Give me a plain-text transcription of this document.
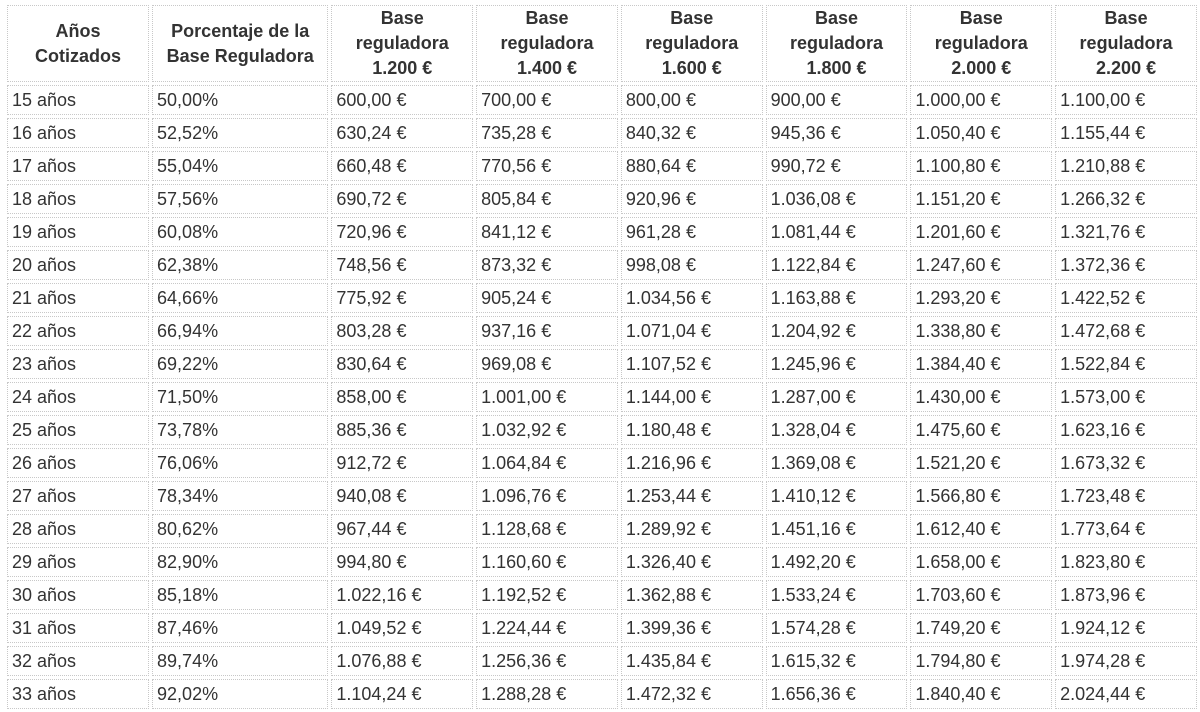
Años
Cotizados

Porcentaje de la
Base Reguladora

Base
reguladora
1.200 €

Base
reguladora
1.400 €

Base
reguladora
1.600 €

Base
reguladora
1.800 €

Base
reguladora
2.000 €

Base
reguladora
2.200 €

15 años	50,00%	600,00 €	700,00 €	800,00 €	900,00 €	1.000,00 €	1.100,00 €
16 años	52,52%	630,24 €	735,28 €	840,32 €	945,36 €	1.050,40 €	1.155,44 €
17 años	55,04%	660,48 €	770,56 €	880,64 €	990,72 €	1.100,80 €	1.210,88 €
18 años	57,56%	690,72 €	805,84 €	920,96 €	1.036,08 €	1.151,20 €	1.266,32 €
19 años	60,08%	720,96 €	841,12 €	961,28 €	1.081,44 €	1.201,60 €	1.321,76 €
20 años	62,38%	748,56 €	873,32 €	998,08 €	1.122,84 €	1.247,60 €	1.372,36 €
21 años	64,66%	775,92 €	905,24 €	1.034,56 €	1.163,88 €	1.293,20 €	1.422,52 €
22 años	66,94%	803,28 €	937,16 €	1.071,04 €	1.204,92 €	1.338,80 €	1.472,68 €
23 años	69,22%	830,64 €	969,08 €	1.107,52 €	1.245,96 €	1.384,40 €	1.522,84 €
24 años	71,50%	858,00 €	1.001,00 €	1.144,00 €	1.287,00 €	1.430,00 €	1.573,00 €
25 años	73,78%	885,36 €	1.032,92 €	1.180,48 €	1.328,04 €	1.475,60 €	1.623,16 €
26 años	76,06%	912,72 €	1.064,84 €	1.216,96 €	1.369,08 €	1.521,20 €	1.673,32 €
27 años	78,34%	940,08 €	1.096,76 €	1.253,44 €	1.410,12 €	1.566,80 €	1.723,48 €
28 años	80,62%	967,44 €	1.128,68 €	1.289,92 €	1.451,16 €	1.612,40 €	1.773,64 €
29 años	82,90%	994,80 €	1.160,60 €	1.326,40 €	1.492,20 €	1.658,00 €	1.823,80 €
30 años	85,18%	1.022,16 €	1.192,52 €	1.362,88 €	1.533,24 €	1.703,60 €	1.873,96 €
31 años	87,46%	1.049,52 €	1.224,44 €	1.399,36 €	1.574,28 €	1.749,20 €	1.924,12 €
32 años	89,74%	1.076,88 €	1.256,36 €	1.435,84 €	1.615,32 €	1.794,80 €	1.974,28 €
33 años	92,02%	1.104,24 €	1.288,28 €	1.472,32 €	1.656,36 €	1.840,40 €	2.024,44 €
